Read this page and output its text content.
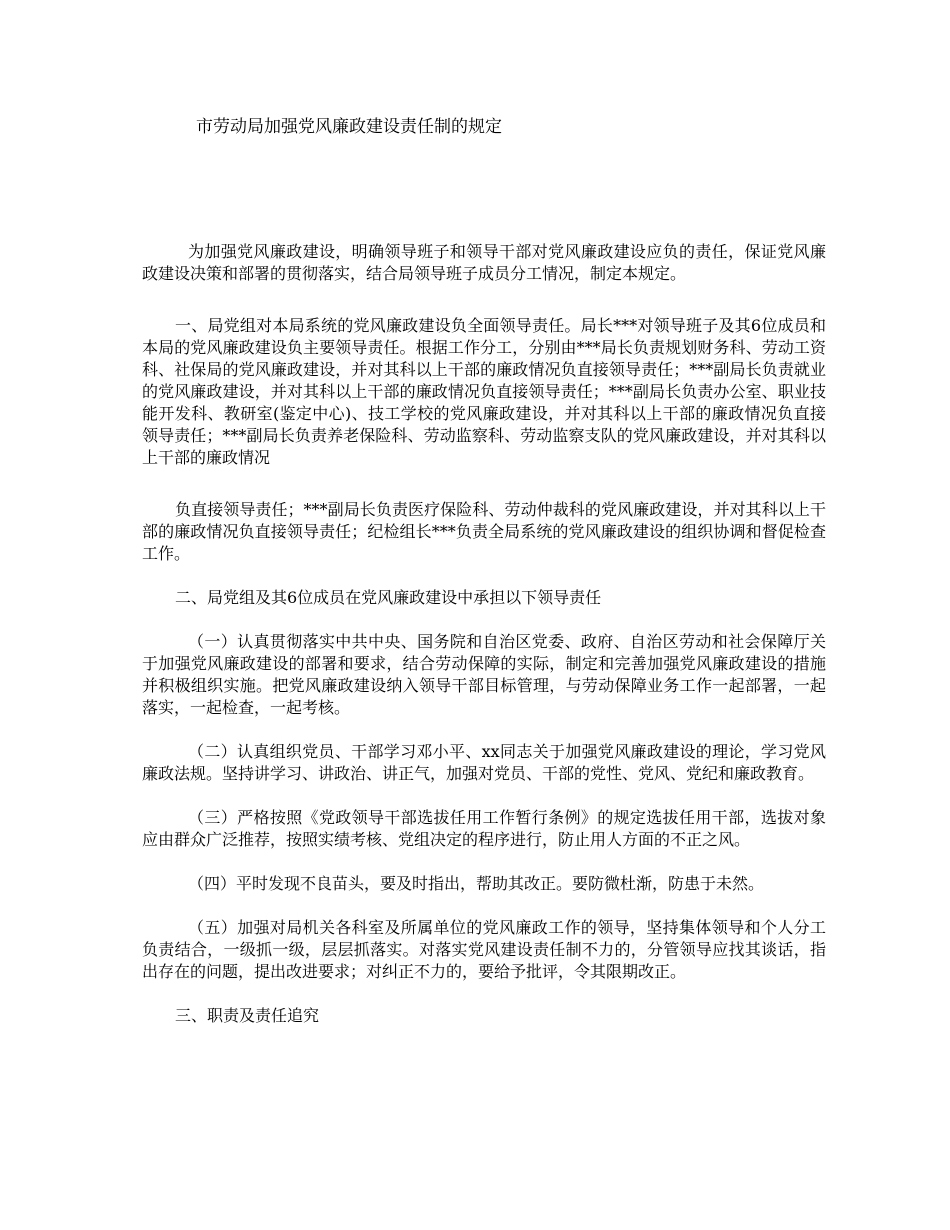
市劳动局加强党风廉政建设责任制的规定

为加强党风廉政建设，明确领导班子和领导干部对党风廉政建设应负的责任，保证党风廉政建设决策和部署的贯彻落实，结合局领导班子成员分工情况，制定本规定。

一、局党组对本局系统的党风廉政建设负全面领导责任。局长***对领导班子及其6位成员和本局的党风廉政建设负主要领导责任。根据工作分工，分别由***局长负责规划财务科、劳动工资科、社保局的党风廉政建设，并对其科以上干部的廉政情况负直接领导责任；***副局长负责就业的党风廉政建设，并对其科以上干部的廉政情况负直接领导责任；***副局长负责办公室、职业技能开发科、教研室(鉴定中心)、技工学校的党风廉政建设，并对其科以上干部的廉政情况负直接领导责任；***副局长负责养老保险科、劳动监察科、劳动监察支队的党风廉政建设，并对其科以上干部的廉政情况

负直接领导责任；***副局长负责医疗保险科、劳动仲裁科的党风廉政建设，并对其科以上干部的廉政情况负直接领导责任；纪检组长***负责全局系统的党风廉政建设的组织协调和督促检查工作。

二、局党组及其6位成员在党风廉政建设中承担以下领导责任

（一）认真贯彻落实中共中央、国务院和自治区党委、政府、自治区劳动和社会保障厅关于加强党风廉政建设的部署和要求，结合劳动保障的实际，制定和完善加强党风廉政建设的措施并积极组织实施。把党风廉政建设纳入领导干部目标管理，与劳动保障业务工作一起部署，一起落实，一起检查，一起考核。

（二）认真组织党员、干部学习邓小平、xx同志关于加强党风廉政建设的理论，学习党风廉政法规。坚持讲学习、讲政治、讲正气，加强对党员、干部的党性、党风、党纪和廉政教育。

（三）严格按照《党政领导干部选拔任用工作暂行条例》的规定选拔任用干部，选拔对象应由群众广泛推荐，按照实绩考核、党组决定的程序进行，防止用人方面的不正之风。

（四）平时发现不良苗头，要及时指出，帮助其改正。要防微杜渐，防患于未然。

（五）加强对局机关各科室及所属单位的党风廉政工作的领导，坚持集体领导和个人分工负责结合，一级抓一级，层层抓落实。对落实党风建设责任制不力的，分管领导应找其谈话，指出存在的问题，提出改进要求；对纠正不力的，要给予批评，令其限期改正。

三、职责及责任追究
